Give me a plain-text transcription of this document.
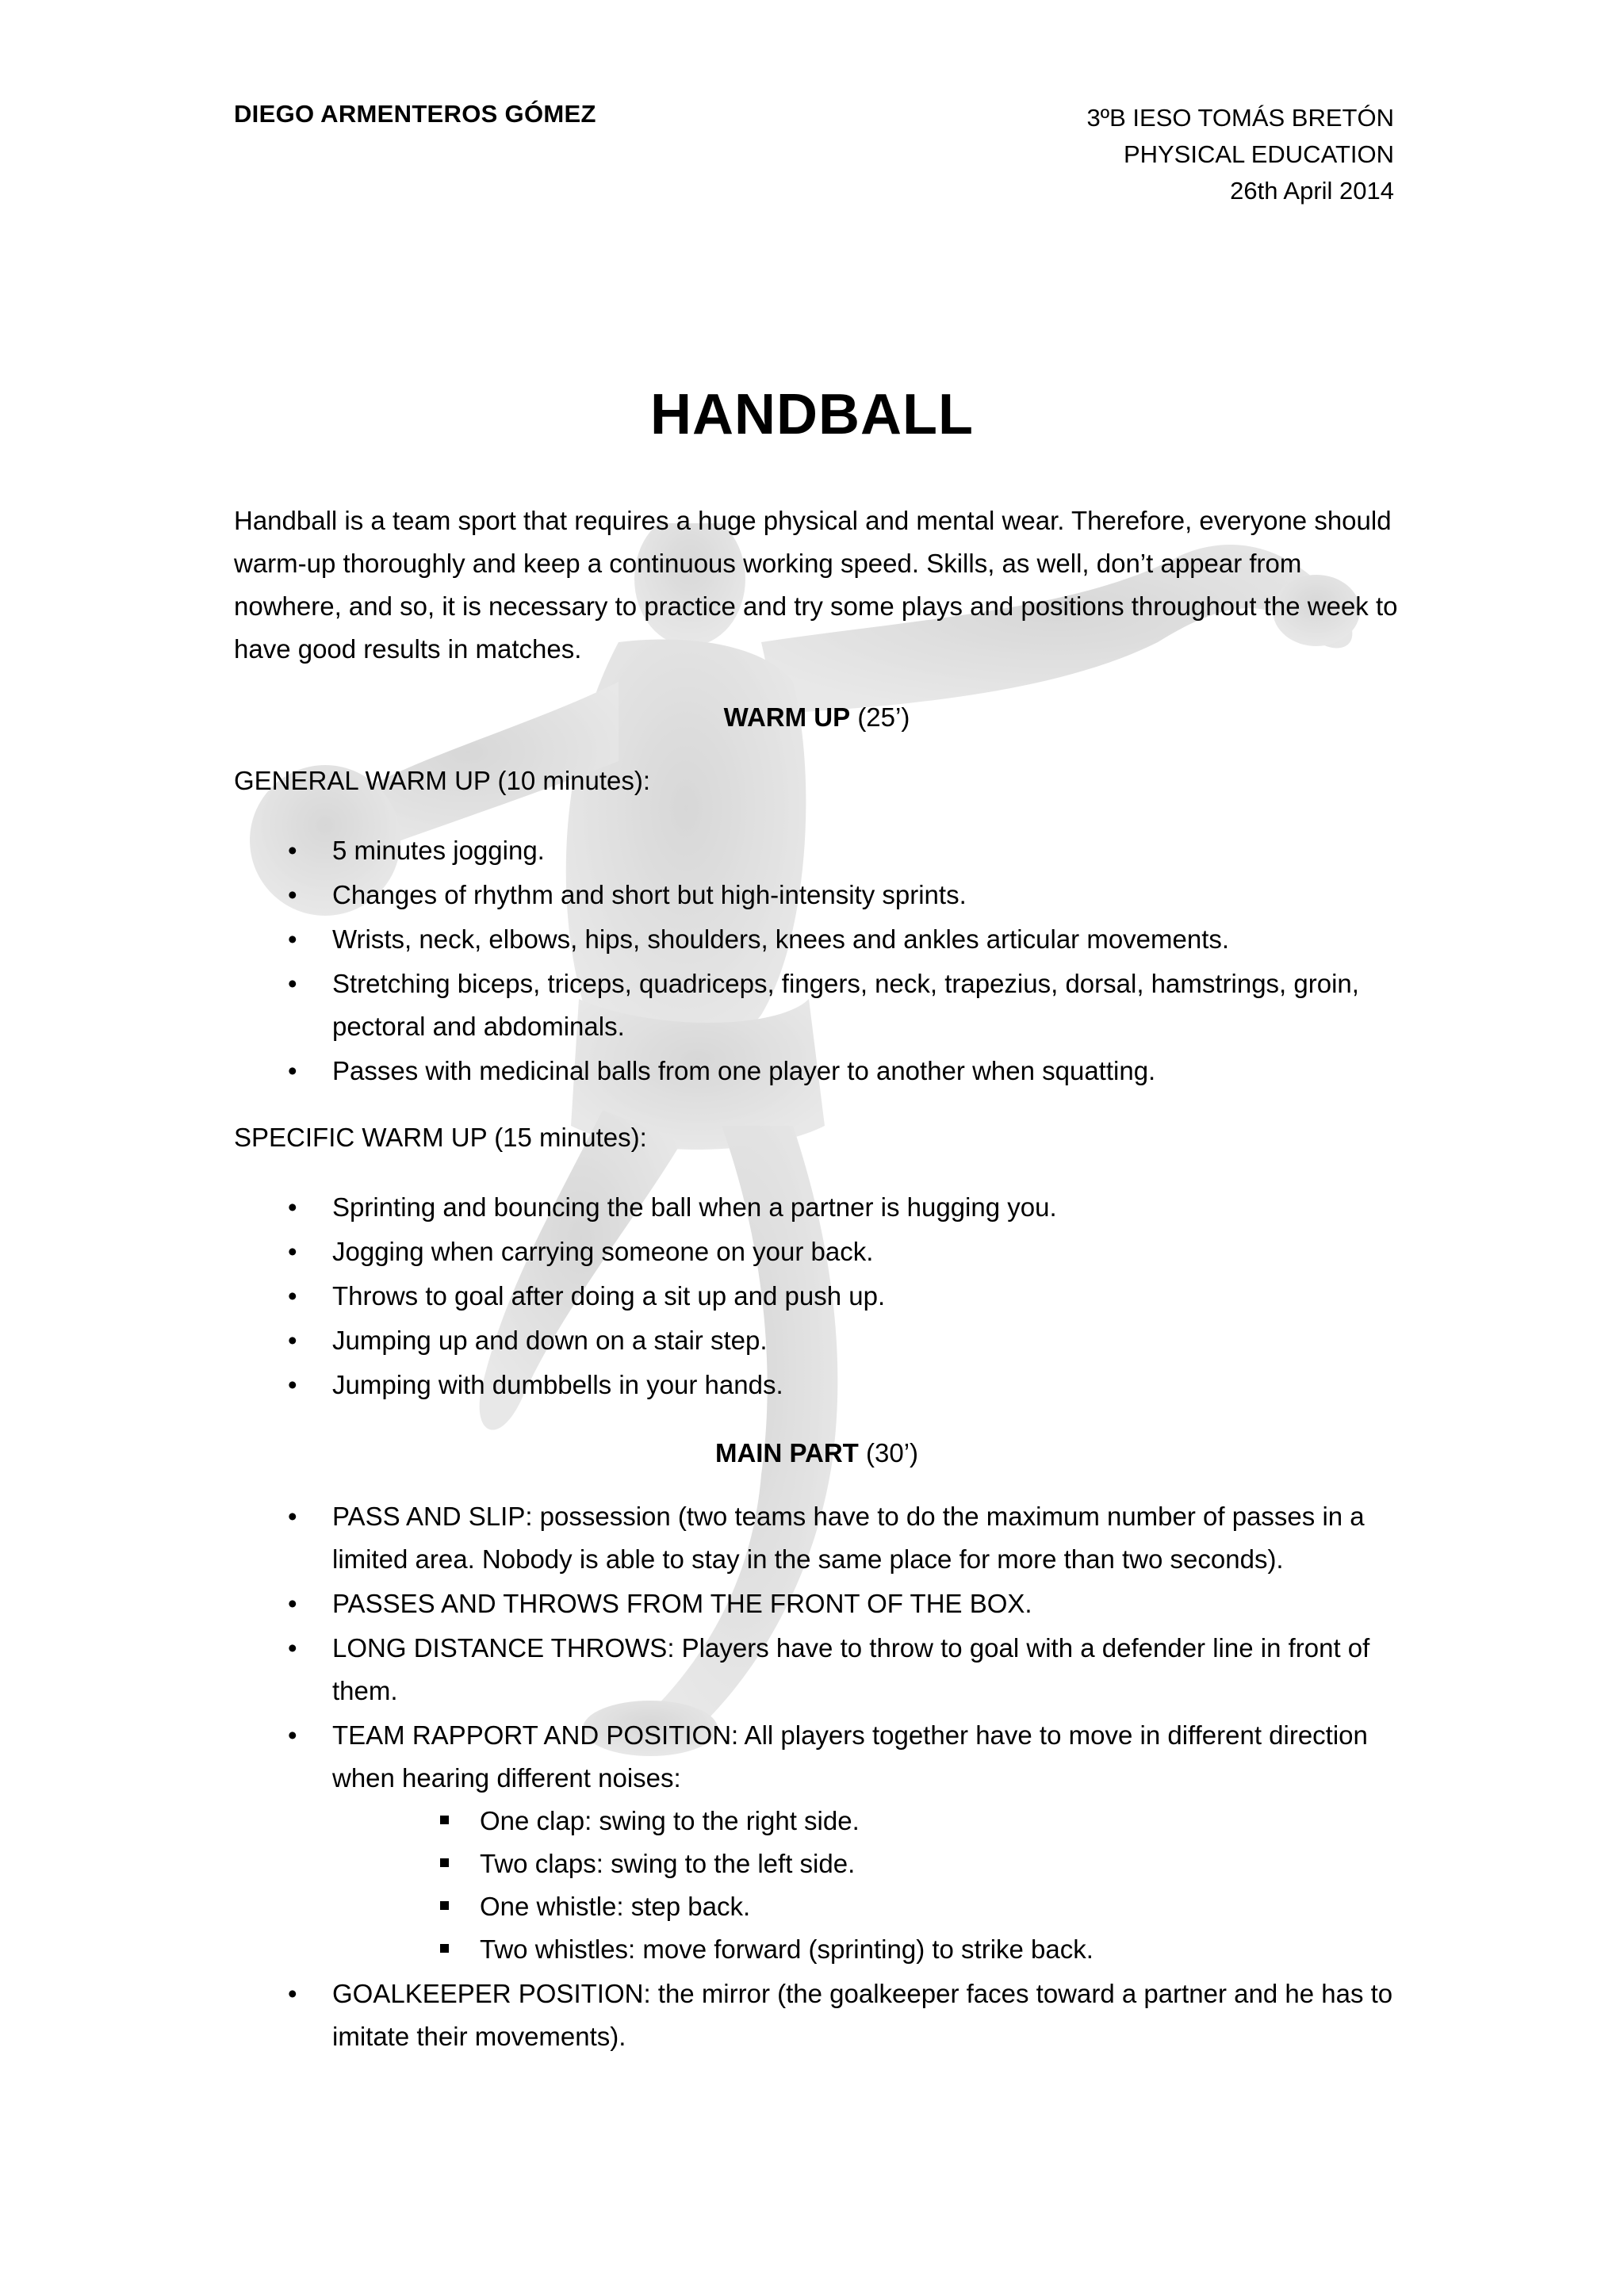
DIEGO ARMENTEROS GÓMEZ	3ºB IESO TOMÁS BRETÓN
PHYSICAL EDUCATION
26th April 2014
HANDBALL

Handball is a team sport that requires a huge physical and mental wear. Therefore, everyone should warm-up thoroughly and keep a continuous working speed. Skills, as well, don’t appear from nowhere, and so, it is necessary to practice and try some plays and positions throughout the week to have good results in matches.

WARM UP (25’)
GENERAL WARM UP (10 minutes):
• 5 minutes jogging.
• Changes of rhythm and short but high-intensity sprints.
• Wrists, neck, elbows, hips, shoulders, knees and ankles articular movements.
• Stretching biceps, triceps, quadriceps, fingers, neck, trapezius, dorsal, hamstrings, groin, pectoral and abdominals.
• Passes with medicinal balls from one player to another when squatting.
SPECIFIC WARM UP (15 minutes):
• Sprinting and bouncing the ball when a partner is hugging you.
• Jogging when carrying someone on your back.
• Throws to goal after doing a sit up and push up.
• Jumping up and down on a stair step.
• Jumping with dumbbells in your hands.
MAIN PART (30’)
• PASS AND SLIP: possession (two teams have to do the maximum number of passes in a limited area. Nobody is able to stay in the same place for more than two seconds).
• PASSES AND THROWS FROM THE FRONT OF THE BOX.
• LONG DISTANCE THROWS: Players have to throw to goal with a defender line in front of them.
• TEAM RAPPORT AND POSITION: All players together have to move in different direction when hearing different noises:
One clap: swing to the right side.
Two claps: swing to the left side.
One whistle: step back.
Two whistles: move forward (sprinting) to strike back.
• GOALKEEPER POSITION: the mirror (the goalkeeper faces toward a partner and he has to imitate their movements).
